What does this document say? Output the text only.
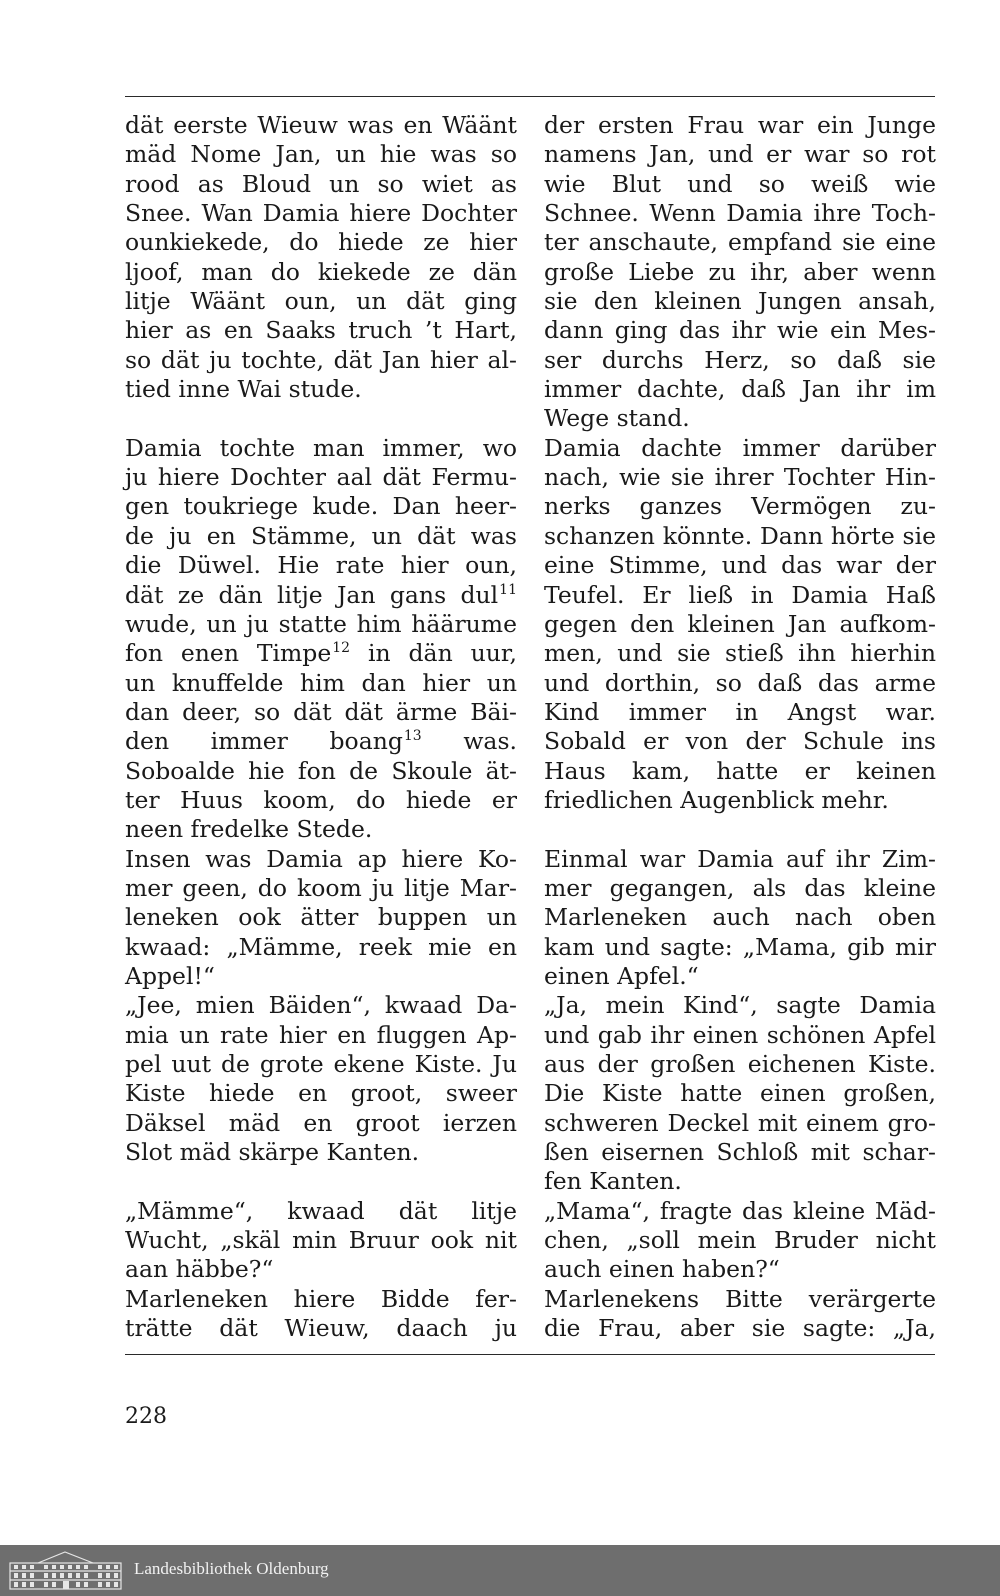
dät eerste Wieuw was en Wäänt
mäd Nome Jan, un hie was so
rood as Bloud un so wiet as
Snee. Wan Damia hiere Dochter
ounkiekede, do hiede ze hier
ljoof, man do kiekede ze dän
litje Wäänt oun, un dät ging
hier as en Saaks truch ’t Hart,
so dät ju tochte, dät Jan hier al-
tied inne Wai stude.

Damia tochte man immer, wo
ju hiere Dochter aal dät Fermu-
gen toukriege kude. Dan heer-
de ju en Stämme, un dät was
die Düwel. Hie rate hier oun,
dät ze dän litje Jan gans dul$^{11}$
wude, un ju statte him häärume
fon enen Timpe$^{12}$ in dän uur,
un knuffelde him dan hier un
dan deer, so dät dät ärme Bäi-
den immer boang$^{13}$ was.
Soboalde hie fon de Skoule ät-
ter Huus koom, do hiede er
neen fredelke Stede.
Insen was Damia ap hiere Ko-
mer geen, do koom ju litje Mar-
leneken ook ätter buppen un
kwaad: „Mämme, reek mie en
Appel!“
„Jee, mien Bäiden“, kwaad Da-
mia un rate hier en fluggen Ap-
pel uut de grote ekene Kiste. Ju
Kiste hiede en groot, sweer
Däksel mäd en groot ierzen
Slot mäd skärpe Kanten.

„Mämme“, kwaad dät litje
Wucht, „skäl min Bruur ook nit
aan häbbe?“
Marleneken hiere Bidde fer-
trätte dät Wieuw, daach ju
der ersten Frau war ein Junge
namens Jan, und er war so rot
wie Blut und so weiß wie
Schnee. Wenn Damia ihre Toch-
ter anschaute, empfand sie eine
große Liebe zu ihr, aber wenn
sie den kleinen Jungen ansah,
dann ging das ihr wie ein Mes-
ser durchs Herz, so daß sie
immer dachte, daß Jan ihr im
Wege stand.
Damia dachte immer darüber
nach, wie sie ihrer Tochter Hin-
nerks ganzes Vermögen zu-
schanzen könnte. Dann hörte sie
eine Stimme, und das war der
Teufel. Er ließ in Damia Haß
gegen den kleinen Jan aufkom-
men, und sie stieß ihn hierhin
und dorthin, so daß das arme
Kind immer in Angst war.
Sobald er von der Schule ins
Haus kam, hatte er keinen
friedlichen Augenblick mehr.

Einmal war Damia auf ihr Zim-
mer gegangen, als das kleine
Marleneken auch nach oben
kam und sagte: „Mama, gib mir
einen Apfel.“
„Ja, mein Kind“, sagte Damia
und gab ihr einen schönen Apfel
aus der großen eichenen Kiste.
Die Kiste hatte einen großen,
schweren Deckel mit einem gro-
ßen eisernen Schloß mit schar-
fen Kanten.
„Mama“, fragte das kleine Mäd-
chen, „soll mein Bruder nicht
auch einen haben?“
Marlenekens Bitte verärgerte
die Frau, aber sie sagte: „Ja,
228
Landesbibliothek Oldenburg
